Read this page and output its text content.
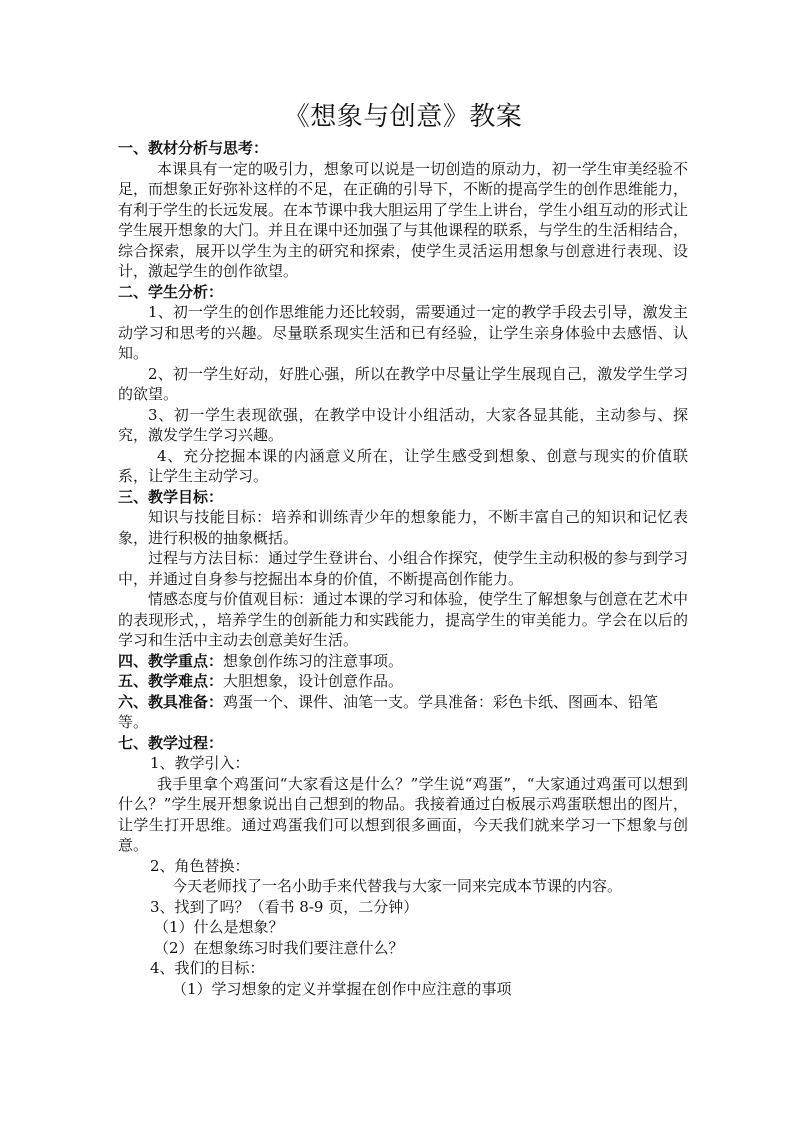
《想象与创意》教案

一、教材分析与思考：

本课具有一定的吸引力，想象可以说是一切创造的原动力，初一学生审美经验不足，而想象正好弥补这样的不足，在正确的引导下，不断的提高学生的创作思维能力，有利于学生的长远发展。在本节课中我大胆运用了学生上讲台，学生小组互动的形式让学生展开想象的大门。并且在课中还加强了与其他课程的联系，与学生的生活相结合，综合探索，展开以学生为主的研究和探索，使学生灵活运用想象与创意进行表现、设计，激起学生的创作欲望。

二、学生分析：

1、初一学生的创作思维能力还比较弱，需要通过一定的教学手段去引导，激发主动学习和思考的兴趣。尽量联系现实生活和已有经验，让学生亲身体验中去感悟、认知。

2、初一学生好动，好胜心强，所以在教学中尽量让学生展现自己，激发学生学习的欲望。

3、初一学生表现欲强，在教学中设计小组活动，大家各显其能，主动参与、探究，激发学生学习兴趣。

4、充分挖掘本课的内涵意义所在，让学生感受到想象、创意与现实的价值联系，让学生主动学习。

三、教学目标：

知识与技能目标：培养和训练青少年的想象能力，不断丰富自己的知识和记忆表象，进行积极的抽象概括。

过程与方法目标：通过学生登讲台、小组合作探究，使学生主动积极的参与到学习中，并通过自身参与挖掘出本身的价值，不断提高创作能力。

情感态度与价值观目标：通过本课的学习和体验，使学生了解想象与创意在艺术中的表现形式，，培养学生的创新能力和实践能力，提高学生的审美能力。学会在以后的学习和生活中主动去创意美好生活。

四、教学重点：想象创作练习的注意事项。

五、教学难点：大胆想象，设计创意作品。

六、教具准备：鸡蛋一个、课件、油笔一支。学具准备：彩色卡纸、图画本、铅笔等。

七、教学过程：

1、教学引入：

我手里拿个鸡蛋问“大家看这是什么？”学生说“鸡蛋”，“大家通过鸡蛋可以想到什么？”学生展开想象说出自己想到的物品。我接着通过白板展示鸡蛋联想出的图片，让学生打开思维。通过鸡蛋我们可以想到很多画面，今天我们就来学习一下想象与创意。

2、角色替换：

今天老师找了一名小助手来代替我与大家一同来完成本节课的内容。

3、找到了吗？（看书 8-9 页，二分钟）

（1）什么是想象？

（2）在想象练习时我们要注意什么？

4、我们的目标：

（1）学习想象的定义并掌握在创作中应注意的事项
